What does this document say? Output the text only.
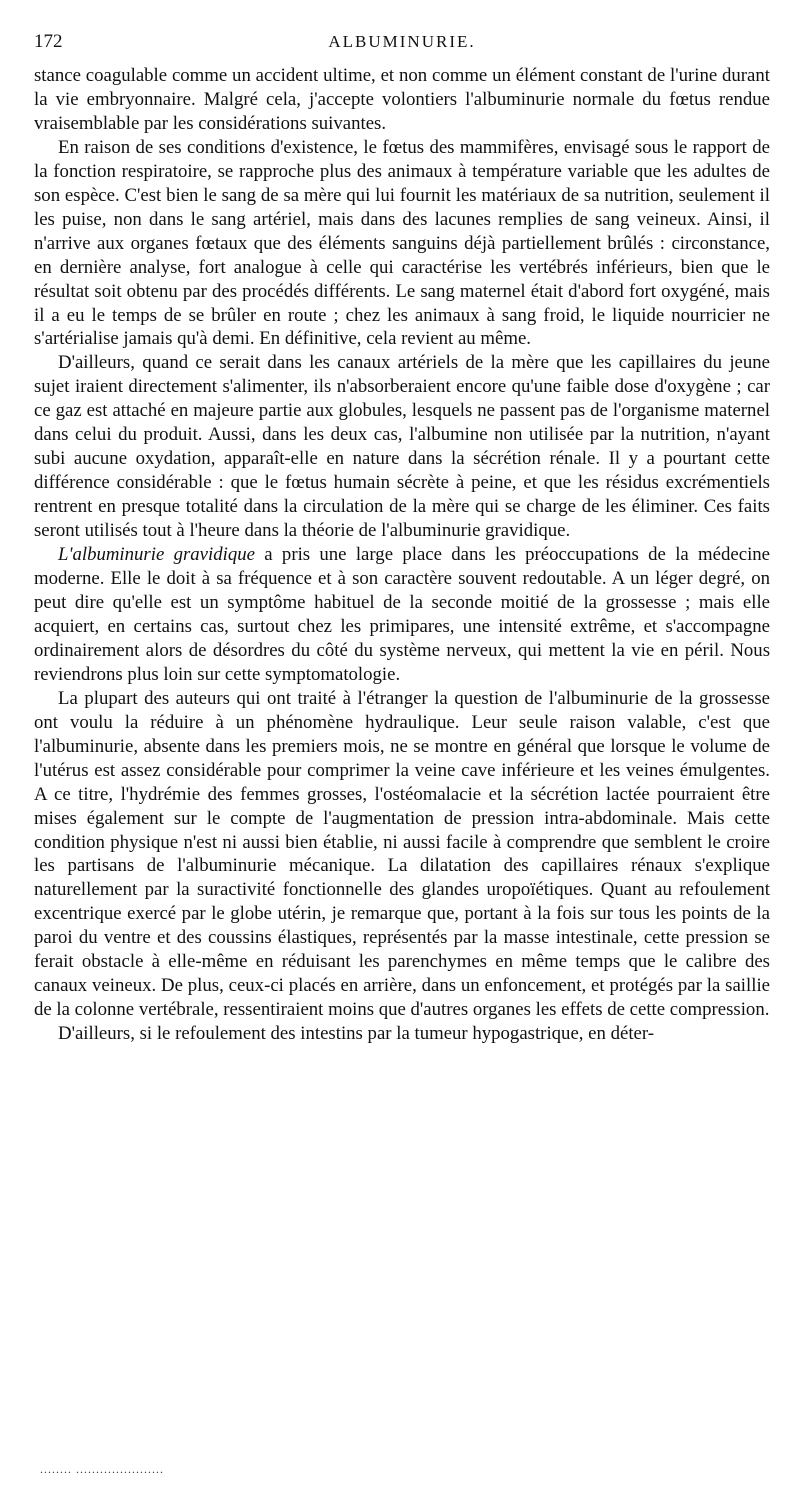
172	ALBUMINURIE.

stance coagulable comme un accident ultime, et non comme un élément constant de l'urine durant la vie embryonnaire. Malgré cela, j'accepte volontiers l'albuminurie normale du fœtus rendue vraisemblable par les considérations suivantes.

En raison de ses conditions d'existence, le fœtus des mammifères, envisagé sous le rapport de la fonction respiratoire, se rapproche plus des animaux à température variable que les adultes de son espèce. C'est bien le sang de sa mère qui lui fournit les matériaux de sa nutrition, seulement il les puise, non dans le sang artériel, mais dans des lacunes remplies de sang veineux. Ainsi, il n'arrive aux organes fœtaux que des éléments sanguins déjà partiellement brûlés : circonstance, en dernière analyse, fort analogue à celle qui caractérise les vertébrés inférieurs, bien que le résultat soit obtenu par des procédés différents. Le sang maternel était d'abord fort oxygéné, mais il a eu le temps de se brûler en route ; chez les animaux à sang froid, le liquide nourricier ne s'artérialise jamais qu'à demi. En définitive, cela revient au même.

D'ailleurs, quand ce serait dans les canaux artériels de la mère que les capillaires du jeune sujet iraient directement s'alimenter, ils n'absorberaient encore qu'une faible dose d'oxygène ; car ce gaz est attaché en majeure partie aux globules, lesquels ne passent pas de l'organisme maternel dans celui du produit. Aussi, dans les deux cas, l'albumine non utilisée par la nutrition, n'ayant subi aucune oxydation, apparaît-elle en nature dans la sécrétion rénale. Il y a pourtant cette différence considérable : que le fœtus humain sécrète à peine, et que les résidus excrémentiels rentrent en presque totalité dans la circulation de la mère qui se charge de les éliminer. Ces faits seront utilisés tout à l'heure dans la théorie de l'albuminurie gravidique.

L'albuminurie gravidique a pris une large place dans les préoccupations de la médecine moderne. Elle le doit à sa fréquence et à son caractère souvent redoutable. A un léger degré, on peut dire qu'elle est un symptôme habituel de la seconde moitié de la grossesse ; mais elle acquiert, en certains cas, surtout chez les primipares, une intensité extrême, et s'accompagne ordinairement alors de désordres du côté du système nerveux, qui mettent la vie en péril. Nous reviendrons plus loin sur cette symptomatologie.

La plupart des auteurs qui ont traité à l'étranger la question de l'albuminurie de la grossesse ont voulu la réduire à un phénomène hydraulique. Leur seule raison valable, c'est que l'albuminurie, absente dans les premiers mois, ne se montre en général que lorsque le volume de l'utérus est assez considérable pour comprimer la veine cave inférieure et les veines émulgentes. A ce titre, l'hydrémie des femmes grosses, l'ostéomalacie et la sécrétion lactée pourraient être mises également sur le compte de l'augmentation de pression intra-abdominale. Mais cette condition physique n'est ni aussi bien établie, ni aussi facile à comprendre que semblent le croire les partisans de l'albuminurie mécanique. La dilatation des capillaires rénaux s'explique naturellement par la suractivité fonctionnelle des glandes uropoïétiques. Quant au refoulement excentrique exercé par le globe utérin, je remarque que, portant à la fois sur tous les points de la paroi du ventre et des coussins élastiques, représentés par la masse intestinale, cette pression se ferait obstacle à elle-même en réduisant les parenchymes en même temps que le calibre des canaux veineux. De plus, ceux-ci placés en arrière, dans un enfoncement, et protégés par la saillie de la colonne vertébrale, ressentiraient moins que d'autres organes les effets de cette compression.

D'ailleurs, si le refoulement des intestins par la tumeur hypogastrique, en déter-

........ ......................
